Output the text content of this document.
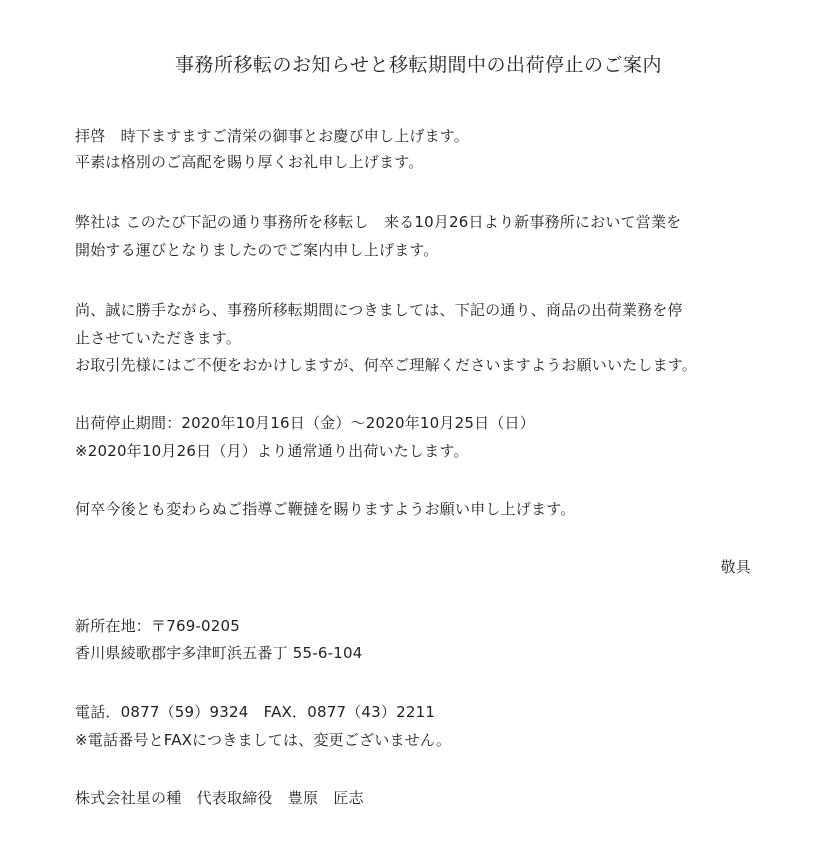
事務所移転のお知らせと移転期間中の出荷停止のご案内
拝啓　時下ますますご清栄の御事とお慶び申し上げます。
平素は格別のご高配を賜り厚くお礼申し上げます。
弊社は このたび下記の通り事務所を移転し　来る10月26日より新事務所において営業を
開始する運びとなりましたのでご案内申し上げます。
尚、誠に勝手ながら、事務所移転期間につきましては、下記の通り、商品の出荷業務を停
止させていただきます。
お取引先様にはご不便をおかけしますが、何卒ご理解くださいますようお願いいたします。
出荷停止期間：2020年10月16日（金）～2020年10月25日（日）
※2020年10月26日（月）より通常通り出荷いたします。
何卒今後とも変わらぬご指導ご鞭撻を賜りますようお願い申し上げます。
敬具
新所在地：〒769-0205
香川県綾歌郡宇多津町浜五番丁 55-6-104
電話．0877（59）9324　FAX．0877（43）2211
※電話番号とFAXにつきましては、変更ございません。
株式会社星の種　代表取締役　豊原　匠志
